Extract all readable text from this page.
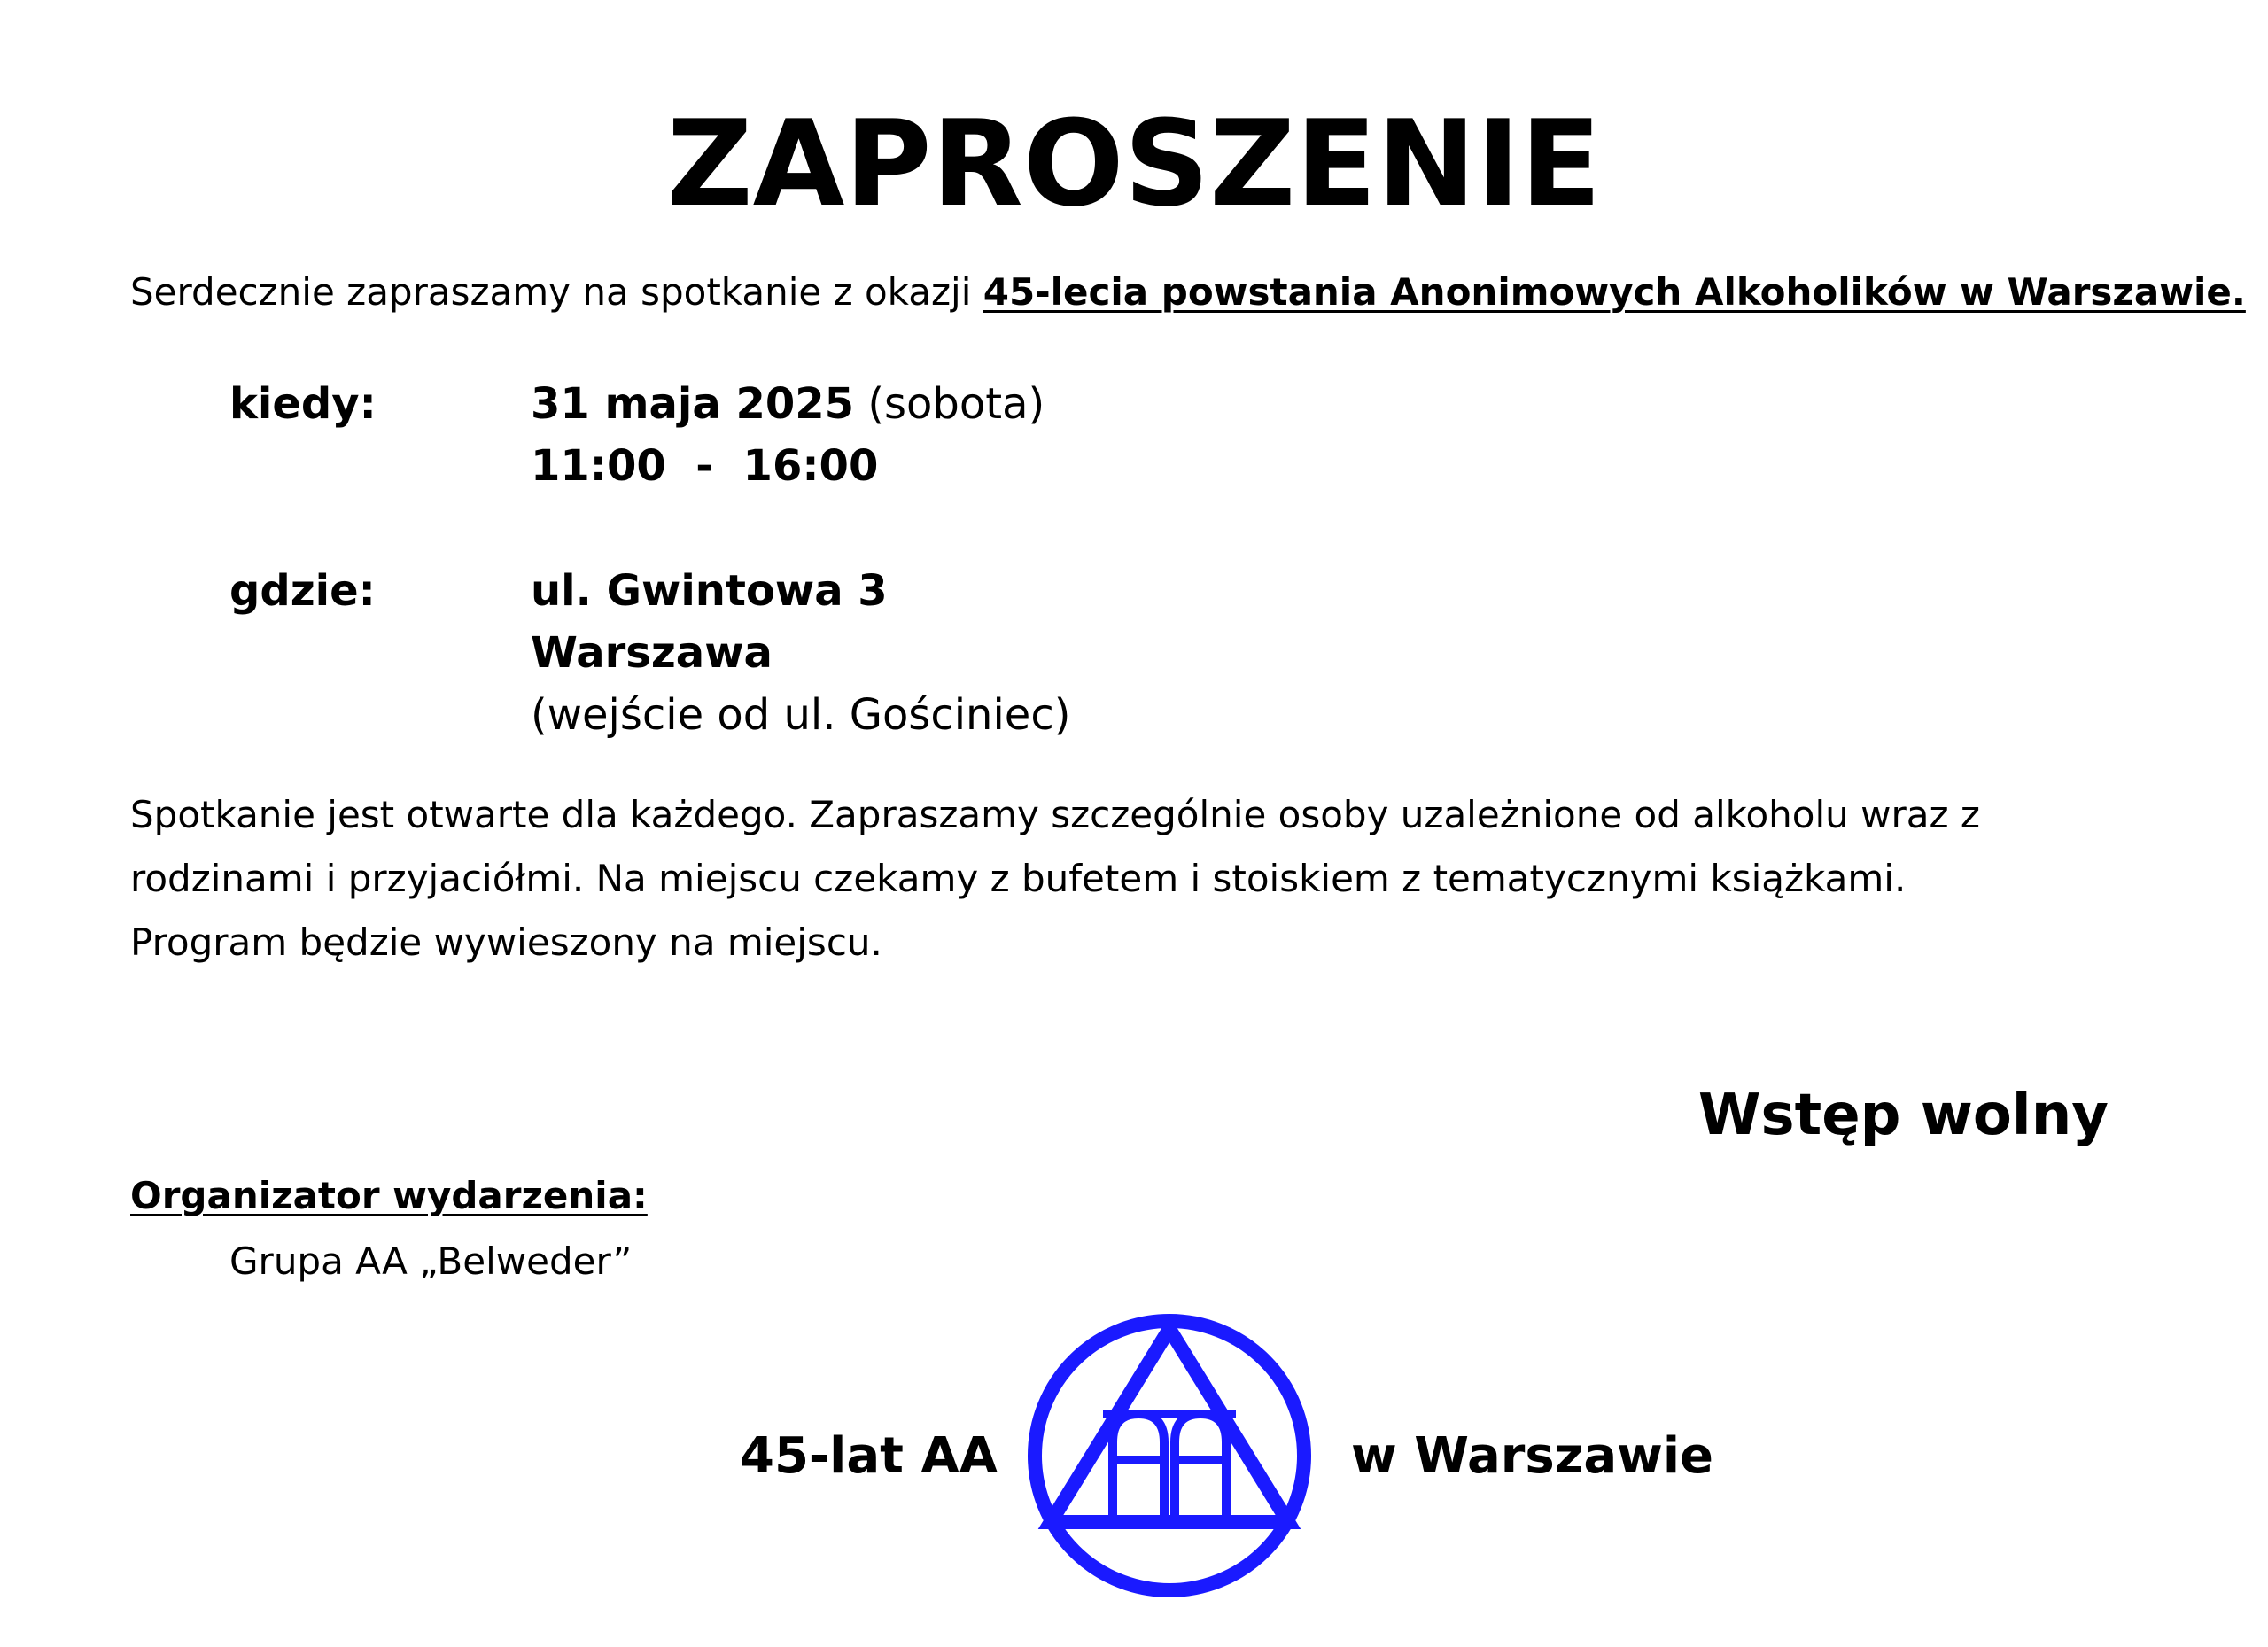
ZAPROSZENIE
Serdecznie zapraszamy na spotkanie z okazji 45-lecia powstania Anonimowych Alkoholików w Warszawie.
kiedy:	31 maja 2025 (sobota)
11:00  -  16:00
gdzie:	ul. Gwintowa 3
Warszawa
(wejście od ul. Gościniec)
Spotkanie jest otwarte dla każdego. Zapraszamy szczególnie osoby uzależnione od alkoholu wraz z
rodzinami i przyjaciółmi. Na miejscu czekamy z bufetem i stoiskiem z tematycznymi książkami.
Program będzie wywieszony na miejscu.
Wstęp wolny
Organizator wydarzenia:
Grupa AA „Belweder”
45-lat AA	w Warszawie
